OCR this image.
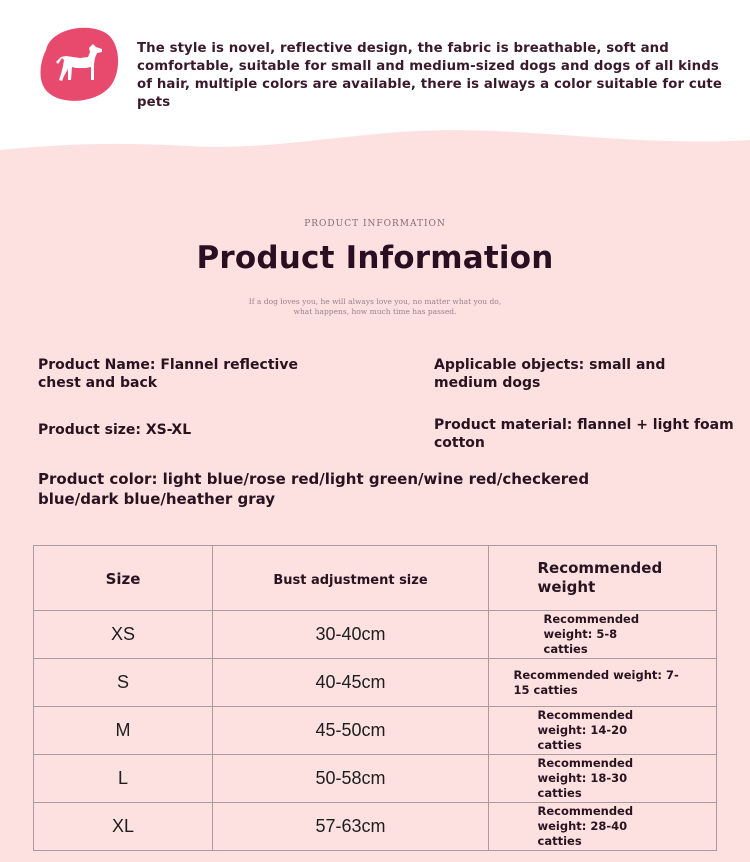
The style is novel, reflective design, the fabric is breathable, soft and comfortable, suitable for small and medium-sized dogs and dogs of all kinds of hair, multiple colors are available, there is always a color suitable for cute pets
PRODUCT INFORMATION
Product Information
If a dog loves you, he will always love you, no matter what you do,
what happens, how much time has passed.
Product Name: Flannel reflective chest and back
Applicable objects: small and medium dogs
Product size: XS-XL	Product material: flannel + light foam cotton
Product color: light blue/rose red/light green/wine red/checkered blue/dark blue/heather gray
Size	Bust adjustment size	Recommended weight
XS	30-40cm	Recommended weight: 5-8 catties
S	40-45cm	Recommended weight: 7-15 catties
M	45-50cm	Recommended weight: 14-20 catties
L	50-58cm	Recommended weight: 18-30 catties
XL	57-63cm	Recommended weight: 28-40 catties
